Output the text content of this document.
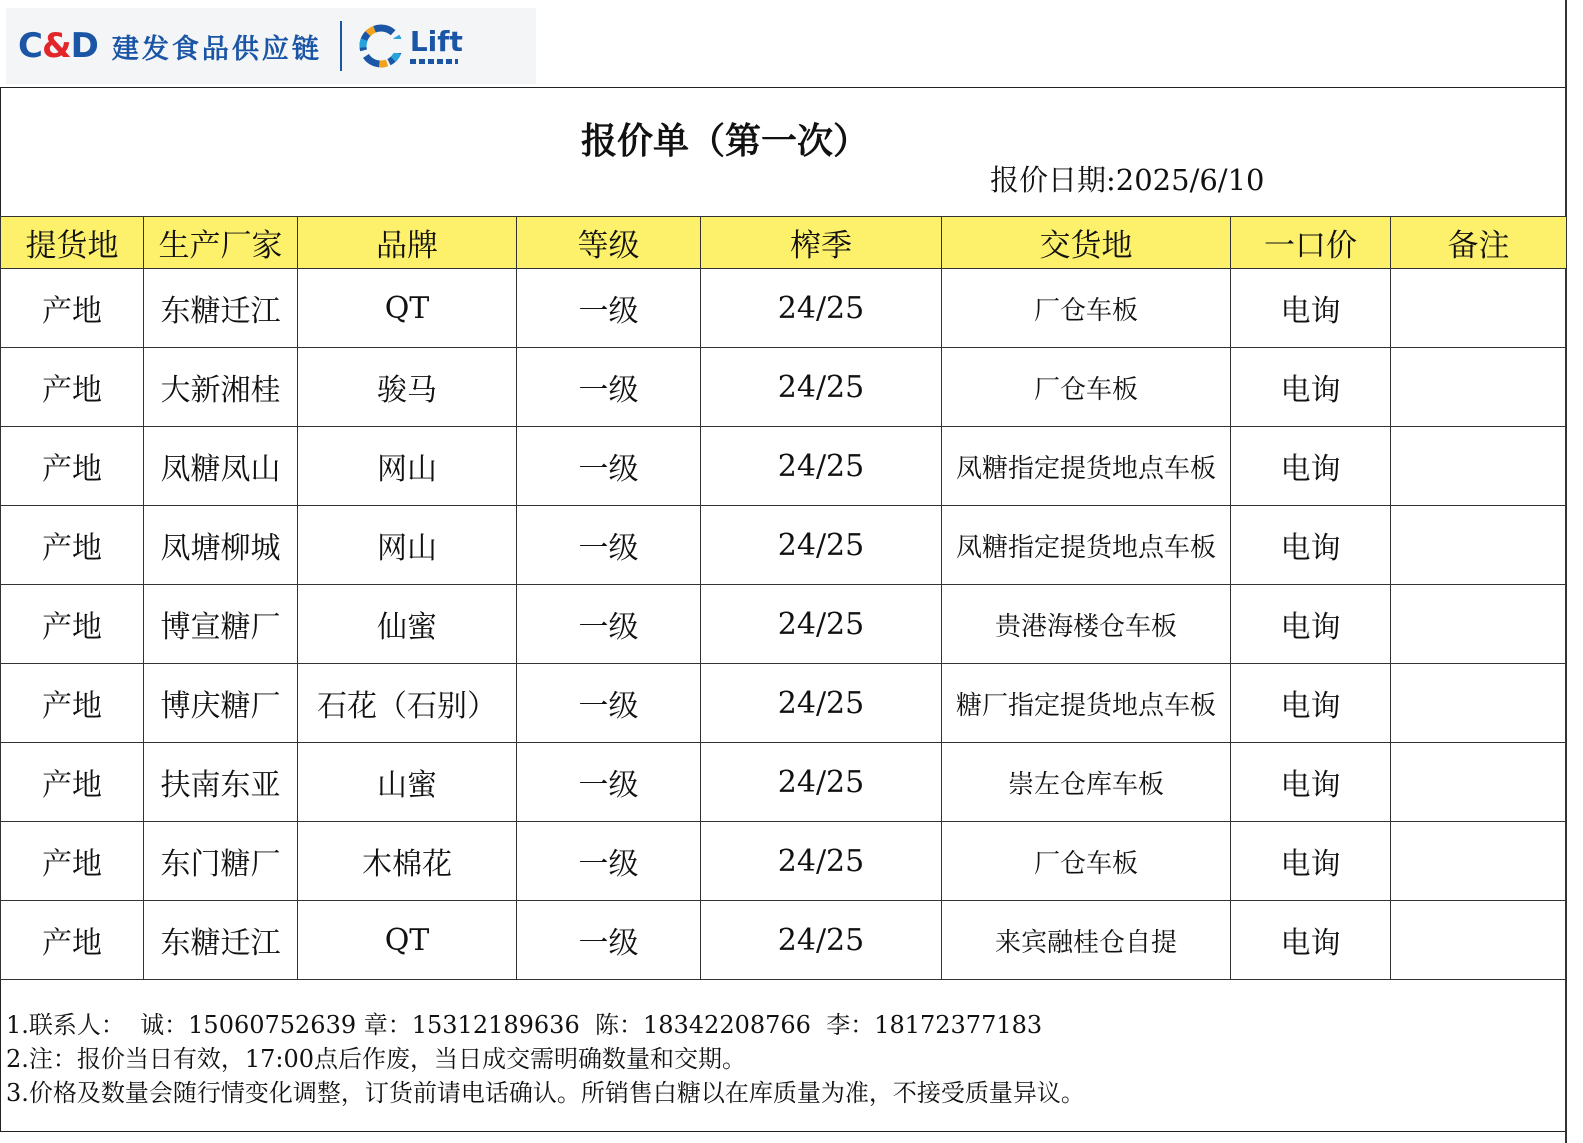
C&D 建发食品供应链	Lift
报价单（第一次）
报价日期:2025/6/10
提货地	生产厂家	品牌	等级	榨季	交货地	一口价	备注
产地	东糖迁江	QT	一级	24/25	厂仓车板	电询	
产地	大新湘桂	骏马	一级	24/25	厂仓车板	电询	
产地	凤糖凤山	网山	一级	24/25	凤糖指定提货地点车板	电询	
产地	凤塘柳城	网山	一级	24/25	凤糖指定提货地点车板	电询	
产地	博宣糖厂	仙蜜	一级	24/25	贵港海楼仓车板	电询	
产地	博庆糖厂	石花（石别）	一级	24/25	糖厂指定提货地点车板	电询	
产地	扶南东亚	山蜜	一级	24/25	崇左仓库车板	电询	
产地	东门糖厂	木棉花	一级	24/25	厂仓车板	电询	
产地	东糖迁江	QT	一级	24/25	来宾融桂仓自提	电询	
1.联系人：  诚：15060752639 章：15312189636  陈：18342208766  李：18172377183
2.注：报价当日有效，17:00点后作废，当日成交需明确数量和交期。
3.价格及数量会随行情变化调整，订货前请电话确认。所销售白糖以在库质量为准，不接受质量异议。
